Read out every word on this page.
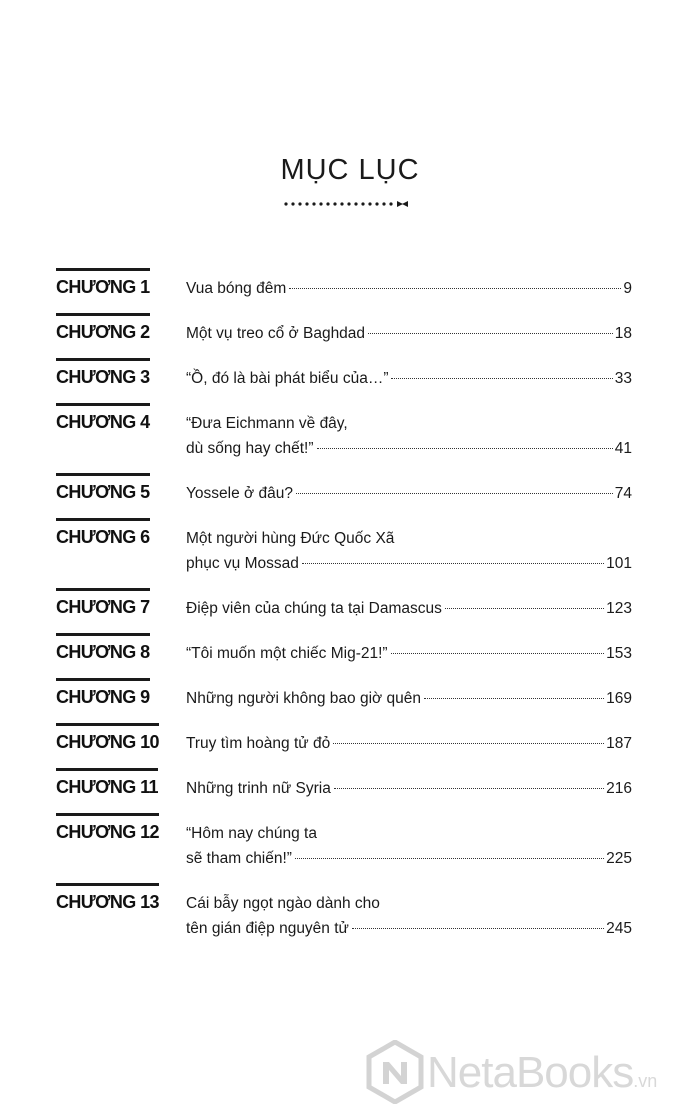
MỤC LỤC
CHƯƠNG 1 Vua bóng đêm	9
CHƯƠNG 2 Một vụ treo cổ ở Baghdad	18
CHƯƠNG 3 “Ồ, đó là bài phát biểu của…”	33
CHƯƠNG 4 “Đưa Eichmann về đây,
dù sống hay chết!”	41
CHƯƠNG 5 Yossele ở đâu?	74
CHƯƠNG 6 Một người hùng Đức Quốc Xã
phục vụ Mossad	101
CHƯƠNG 7 Điệp viên của chúng ta tại Damascus	123
CHƯƠNG 8 “Tôi muốn một chiếc Mig-21!”	153
CHƯƠNG 9 Những người không bao giờ quên	169
CHƯƠNG 10 Truy tìm hoàng tử đỏ	187
CHƯƠNG 11 Những trinh nữ Syria	216
CHƯƠNG 12 “Hôm nay chúng ta
sẽ tham chiến!”	225
CHƯƠNG 13 Cái bẫy ngọt ngào dành cho
tên gián điệp nguyên tử	245
NetaBooks.vn
